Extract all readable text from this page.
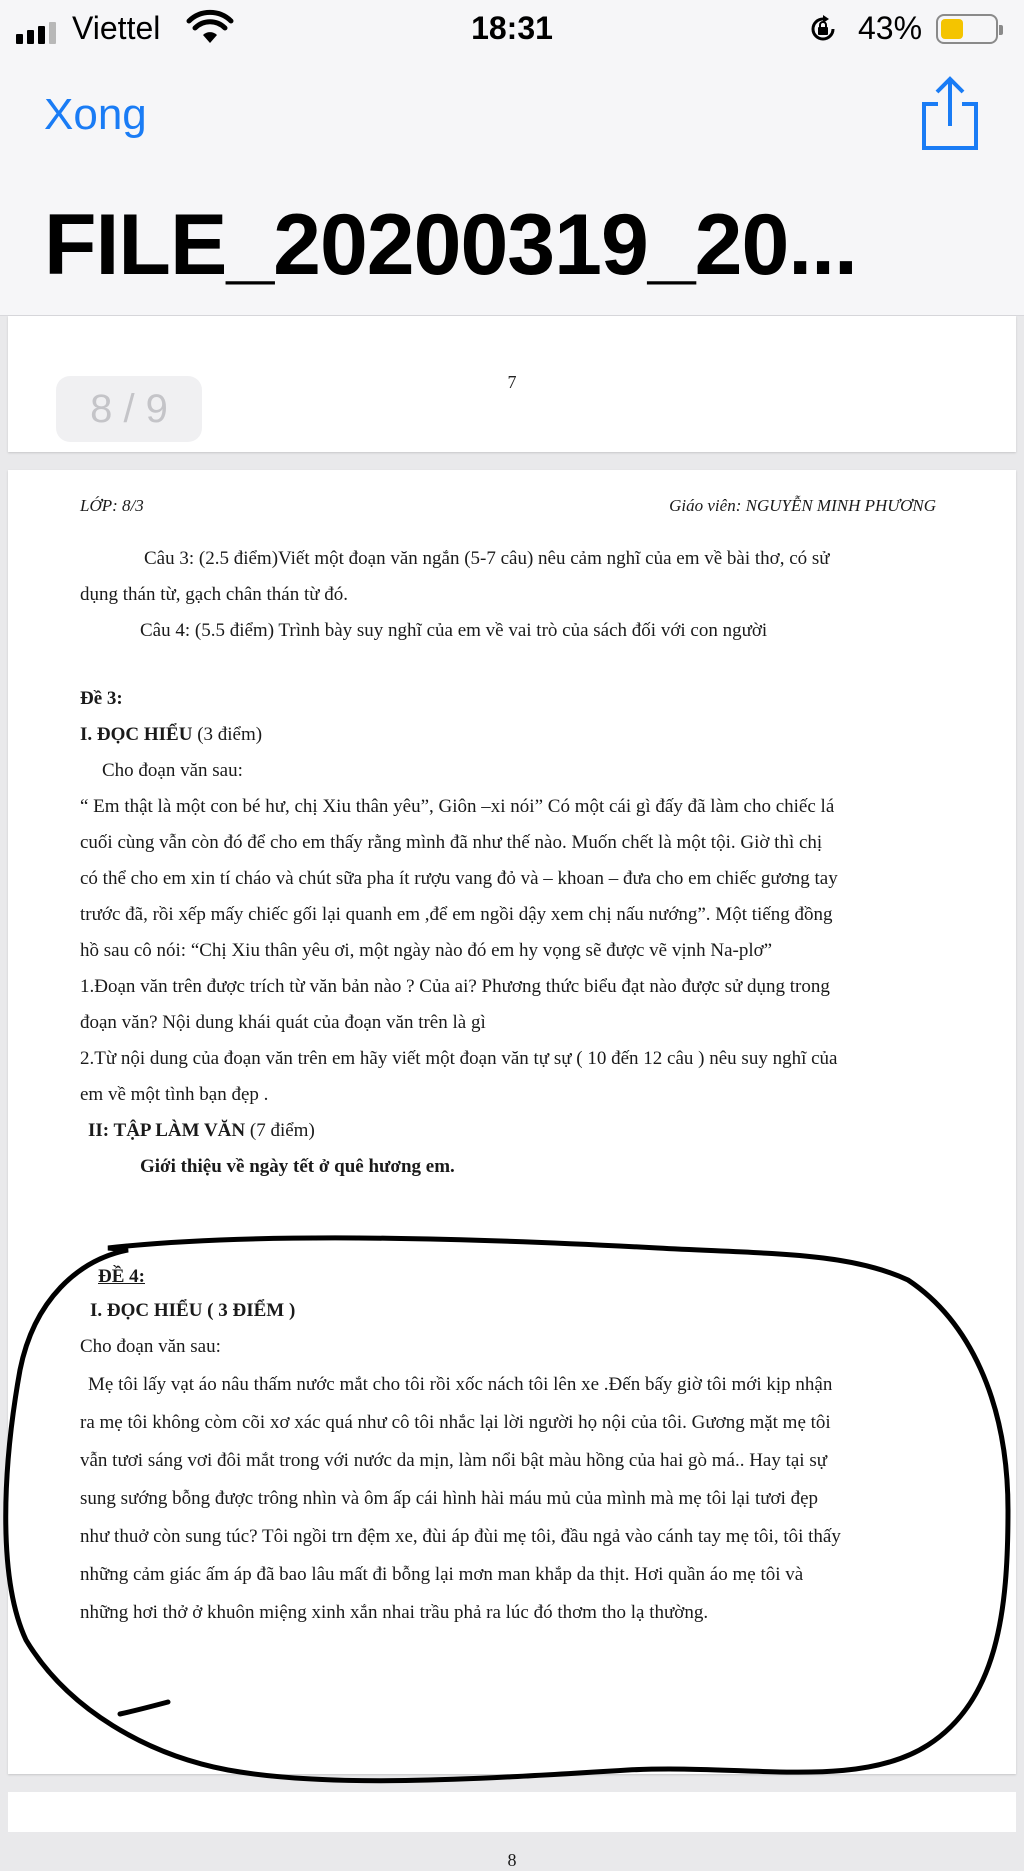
Viettel	18:31	43%
Xong
FILE_20200319_20...
7
8 / 9
LỚP: 8/3	Giáo viên: NGUYỄN MINH PHƯƠNG
Câu 3: (2.5 điểm)Viết một đoạn văn ngắn (5-7 câu) nêu cảm nghĩ của em về bài thơ, có sử
dụng thán từ, gạch chân thán từ đó.
Câu 4: (5.5 điểm) Trình bày suy nghĩ của em về vai trò của sách đối với con người
Đề 3:
I. ĐỌC HIỂU (3 điểm)
Cho đoạn văn sau:
“ Em thật là một con bé hư, chị Xiu thân yêu”, Giôn –xi nói” Có một cái gì đấy đã làm cho chiếc lá
cuối cùng vẫn còn đó để cho em thấy rằng mình đã như thế nào. Muốn chết là một tội. Giờ thì chị
có thể cho em xin tí cháo và chút sữa pha ít rượu vang đỏ và – khoan – đưa cho em chiếc gương tay
trước đã, rồi xếp mấy chiếc gối lại quanh em ,để em ngồi dậy xem chị nấu nướng”. Một tiếng đồng
hồ sau cô nói: “Chị Xiu thân yêu ơi, một ngày nào đó em hy vọng sẽ được vẽ vịnh Na-plơ”
1.Đoạn văn trên được trích từ văn bản nào ? Của ai? Phương thức biểu đạt nào được sử dụng trong
đoạn văn? Nội dung khái quát của đoạn văn trên là gì
2.Từ nội dung của đoạn văn trên em hãy viết một đoạn văn tự sự ( 10 đến 12 câu ) nêu suy nghĩ của
em về một tình bạn đẹp .
II: TẬP LÀM VĂN (7 điểm)
Giới thiệu về ngày tết ở quê hương em.
ĐỀ 4:
I. ĐỌC HIỂU ( 3 ĐIỂM )
Cho đoạn văn sau:
Mẹ tôi lấy vạt áo nâu thấm nước mắt cho tôi rồi xốc nách tôi lên xe .Đến bấy giờ tôi mới kịp nhận
ra mẹ tôi không còm cõi xơ xác quá như cô tôi nhắc lại lời người họ nội của tôi. Gương mặt mẹ tôi
vẫn tươi sáng vơi đôi mắt trong với nước da mịn, làm nổi bật màu hồng của hai gò má.. Hay tại sự
sung sướng bỗng được trông nhìn và ôm ấp cái hình hài máu mủ của mình mà mẹ tôi lại tươi đẹp
như thuở còn sung túc? Tôi ngồi trn đệm xe, đùi áp đùi mẹ tôi, đầu ngả vào cánh tay mẹ tôi, tôi thấy
những cảm giác ấm áp đã bao lâu mất đi bỗng lại mơn man khắp da thịt. Hơi quần áo mẹ tôi và
những hơi thở ở khuôn miệng xinh xắn nhai trầu phả ra lúc đó thơm tho lạ thường.
8
